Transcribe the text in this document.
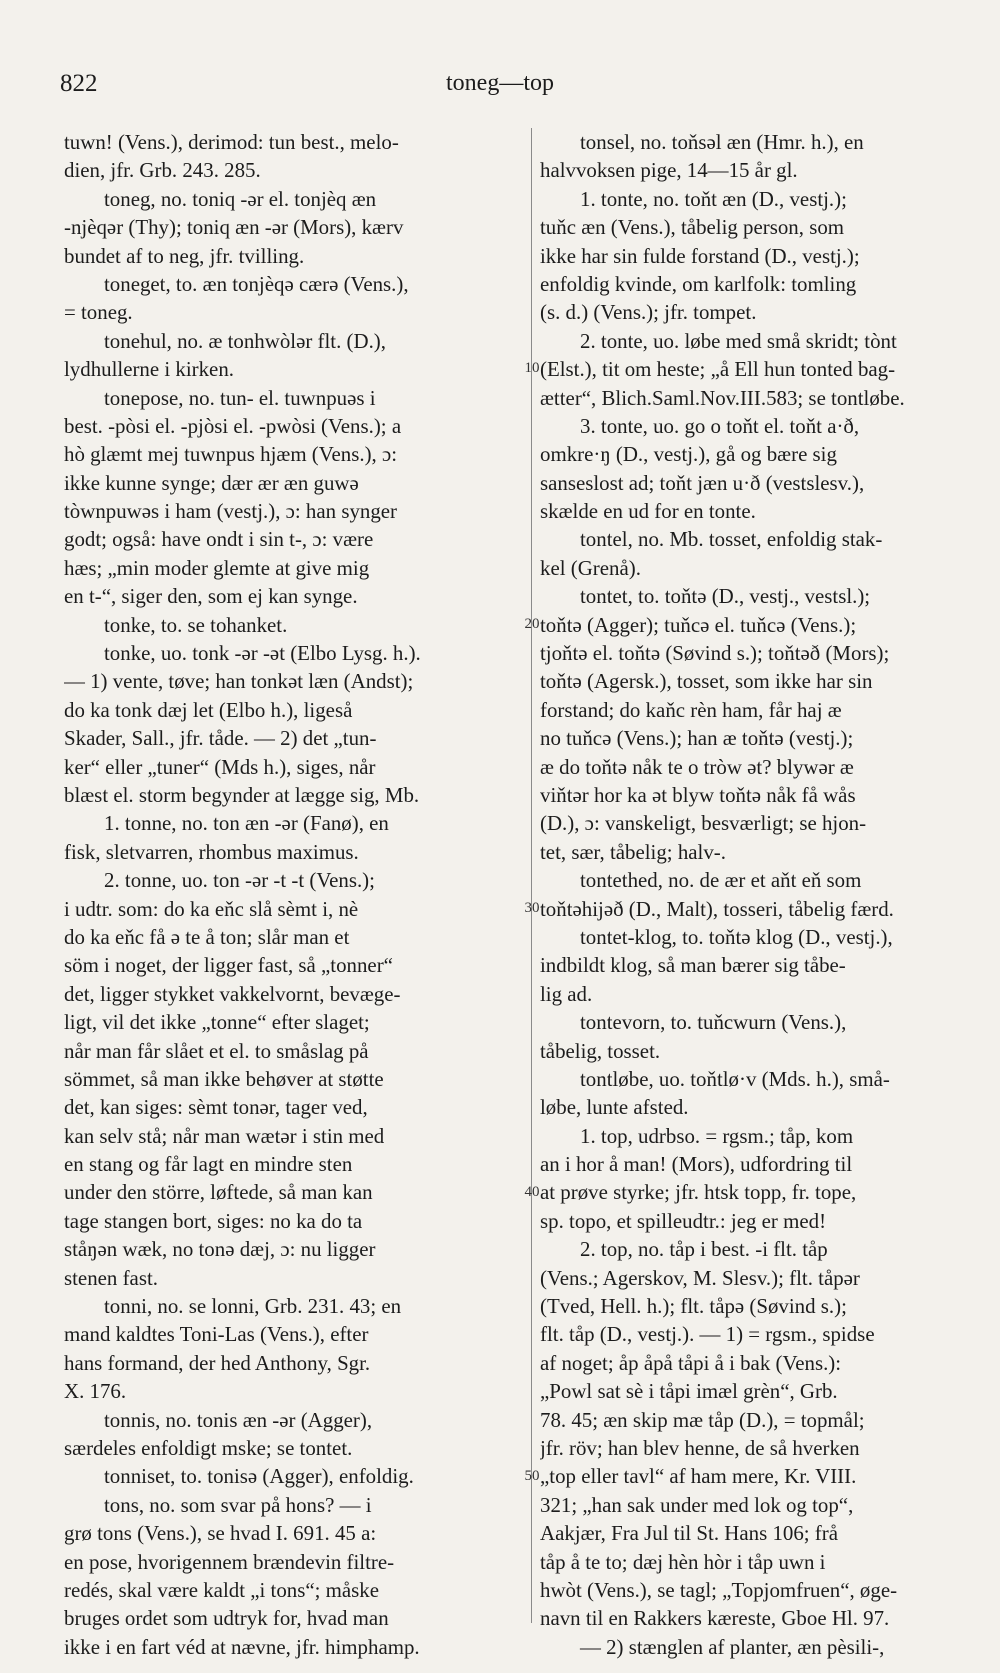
822	toneg—top
tuwn! (Vens.), derimod: tun best., melo-
dien, jfr. Grb. 243. 285.
toneg, no. toniq -ər el. tonjèq æn
-njèqər (Thy); toniq æn -ər (Mors), kærv
bundet af to neg, jfr. tvilling.
toneget, to. æn tonjèqə cærə (Vens.),
= toneg.
tonehul, no. æ tonhwòlər flt. (D.),
lydhullerne i kirken.
tonepose, no. tun- el. tuwnpuəs i
best. -pòsi el. -pjòsi el. -pwòsi (Vens.); a
hò glæmt mej tuwnpus hjæm (Vens.), ɔ:
ikke kunne synge; dær ær æn guwə
tòwnpuwəs i ham (vestj.), ɔ: han synger
godt; også: have ondt i sin t-, ɔ: være
hæs; „min moder glemte at give mig
en t-“, siger den, som ej kan synge.
tonke, to. se tohanket.
tonke, uo. tonk -ər -ət (Elbo Lysg. h.).
— 1) vente, tøve; han tonkət læn (Andst);
do ka tonk dæj let (Elbo h.), ligeså
Skader, Sall., jfr. tåde. — 2) det „tun-
ker“ eller „tuner“ (Mds h.), siges, når
blæst el. storm begynder at lægge sig, Mb.
1. tonne, no. ton æn -ər (Fanø), en
fisk, sletvarren, rhombus maximus.
2. tonne, uo. ton -ər -t -t (Vens.);
i udtr. som: do ka eňc slå sèmt i, nè
do ka eňc få ə te å ton; slår man et
söm i noget, der ligger fast, så „tonner“
det, ligger stykket vakkelvornt, bevæge-
ligt, vil det ikke „tonne“ efter slaget;
når man får slået et el. to småslag på
sömmet, så man ikke behøver at støtte
det, kan siges: sèmt tonər, tager ved,
kan selv stå; når man wætər i stin med
en stang og får lagt en mindre sten
under den större, løftede, så man kan
tage stangen bort, siges: no ka do ta
ståŋən wæk, no tonə dæj, ɔ: nu ligger
stenen fast.
tonni, no. se lonni, Grb. 231. 43; en
mand kaldtes Toni-Las (Vens.), efter
hans formand, der hed Anthony, Sgr.
X. 176.
tonnis, no. tonis æn -ər (Agger),
særdeles enfoldigt mske; se tontet.
tonniset, to. tonisə (Agger), enfoldig.
tons, no. som svar på hons? — i
grø tons (Vens.), se hvad I. 691. 45 a:
en pose, hvorigennem brændevin filtre-
redés, skal være kaldt „i tons“; måske
bruges ordet som udtryk for, hvad man
ikke i en fart véd at nævne, jfr. himphamp.
tonsel, no. toňsəl æn (Hmr. h.), en
halvvoksen pige, 14—15 år gl.
1. tonte, no. toňt æn (D., vestj.);
tuňc æn (Vens.), tåbelig person, som
ikke har sin fulde forstand (D., vestj.);
enfoldig kvinde, om karlfolk: tomling
(s. d.) (Vens.); jfr. tompet.
2. tonte, uo. løbe med små skridt; tònt
(Elst.), tit om heste; „å Ell hun tonted bag-
ætter“, Blich.Saml.Nov.III.583; se tontløbe.
3. tonte, uo. go o toňt el. toňt a·ð,
omkre·ŋ (D., vestj.), gå og bære sig
sanseslost ad; toňt jæn u·ð (vestslesv.),
skælde en ud for en tonte.
tontel, no. Mb. tosset, enfoldig stak-
kel (Grenå).
tontet, to. toňtə (D., vestj., vestsl.);
toňtə (Agger); tuňcə el. tuňcə (Vens.);
tjoňtə el. toňtə (Søvind s.); toňtəð (Mors);
toňtə (Agersk.), tosset, som ikke har sin
forstand; do kaňc rèn ham, får haj æ
no tuňcə (Vens.); han æ toňtə (vestj.);
æ do toňtə nåk te o tròw ət? blywər æ
viňtər hor ka ət blyw toňtə nåk få wås
(D.), ɔ: vanskeligt, besværligt; se hjon-
tet, sær, tåbelig; halv-.
tontethed, no. de ær et aňt eň som
toňtəhijəð (D., Malt), tosseri, tåbelig færd.
tontet-klog, to. toňtə klog (D., vestj.),
indbildt klog, så man bærer sig tåbe-
lig ad.
tontevorn, to. tuňcwurn (Vens.),
tåbelig, tosset.
tontløbe, uo. toňtlø·v (Mds. h.), små-
løbe, lunte afsted.
1. top, udrbso. = rgsm.; tåp, kom
an i hor å man! (Mors), udfordring til
at prøve styrke; jfr. htsk topp, fr. tope,
sp. topo, et spilleudtr.: jeg er med!
2. top, no. tåp i best. -i flt. tåp
(Vens.; Agerskov, M. Slesv.); flt. tåpər
(Tved, Hell. h.); flt. tåpə (Søvind s.);
flt. tåp (D., vestj.). — 1) = rgsm., spidse
af noget; åp åpå tåpi å i bak (Vens.):
„Powl sat sè i tåpi imæl grèn“, Grb.
78. 45; æn skip mæ tåp (D.), = topmål;
jfr. röv; han blev henne, de så hverken
„top eller tavl“ af ham mere, Kr. VIII.
321; „han sak under med lok og top“,
Aakjær, Fra Jul til St. Hans 106; frå
tåp å te to; dæj hèn hòr i tåp uwn i
hwòt (Vens.), se tagl; „Topjomfruen“, øge-
navn til en Rakkers kæreste, Gboe Hl. 97.
— 2) stænglen af planter, æn pèsili-,
10
20
30
40
50
